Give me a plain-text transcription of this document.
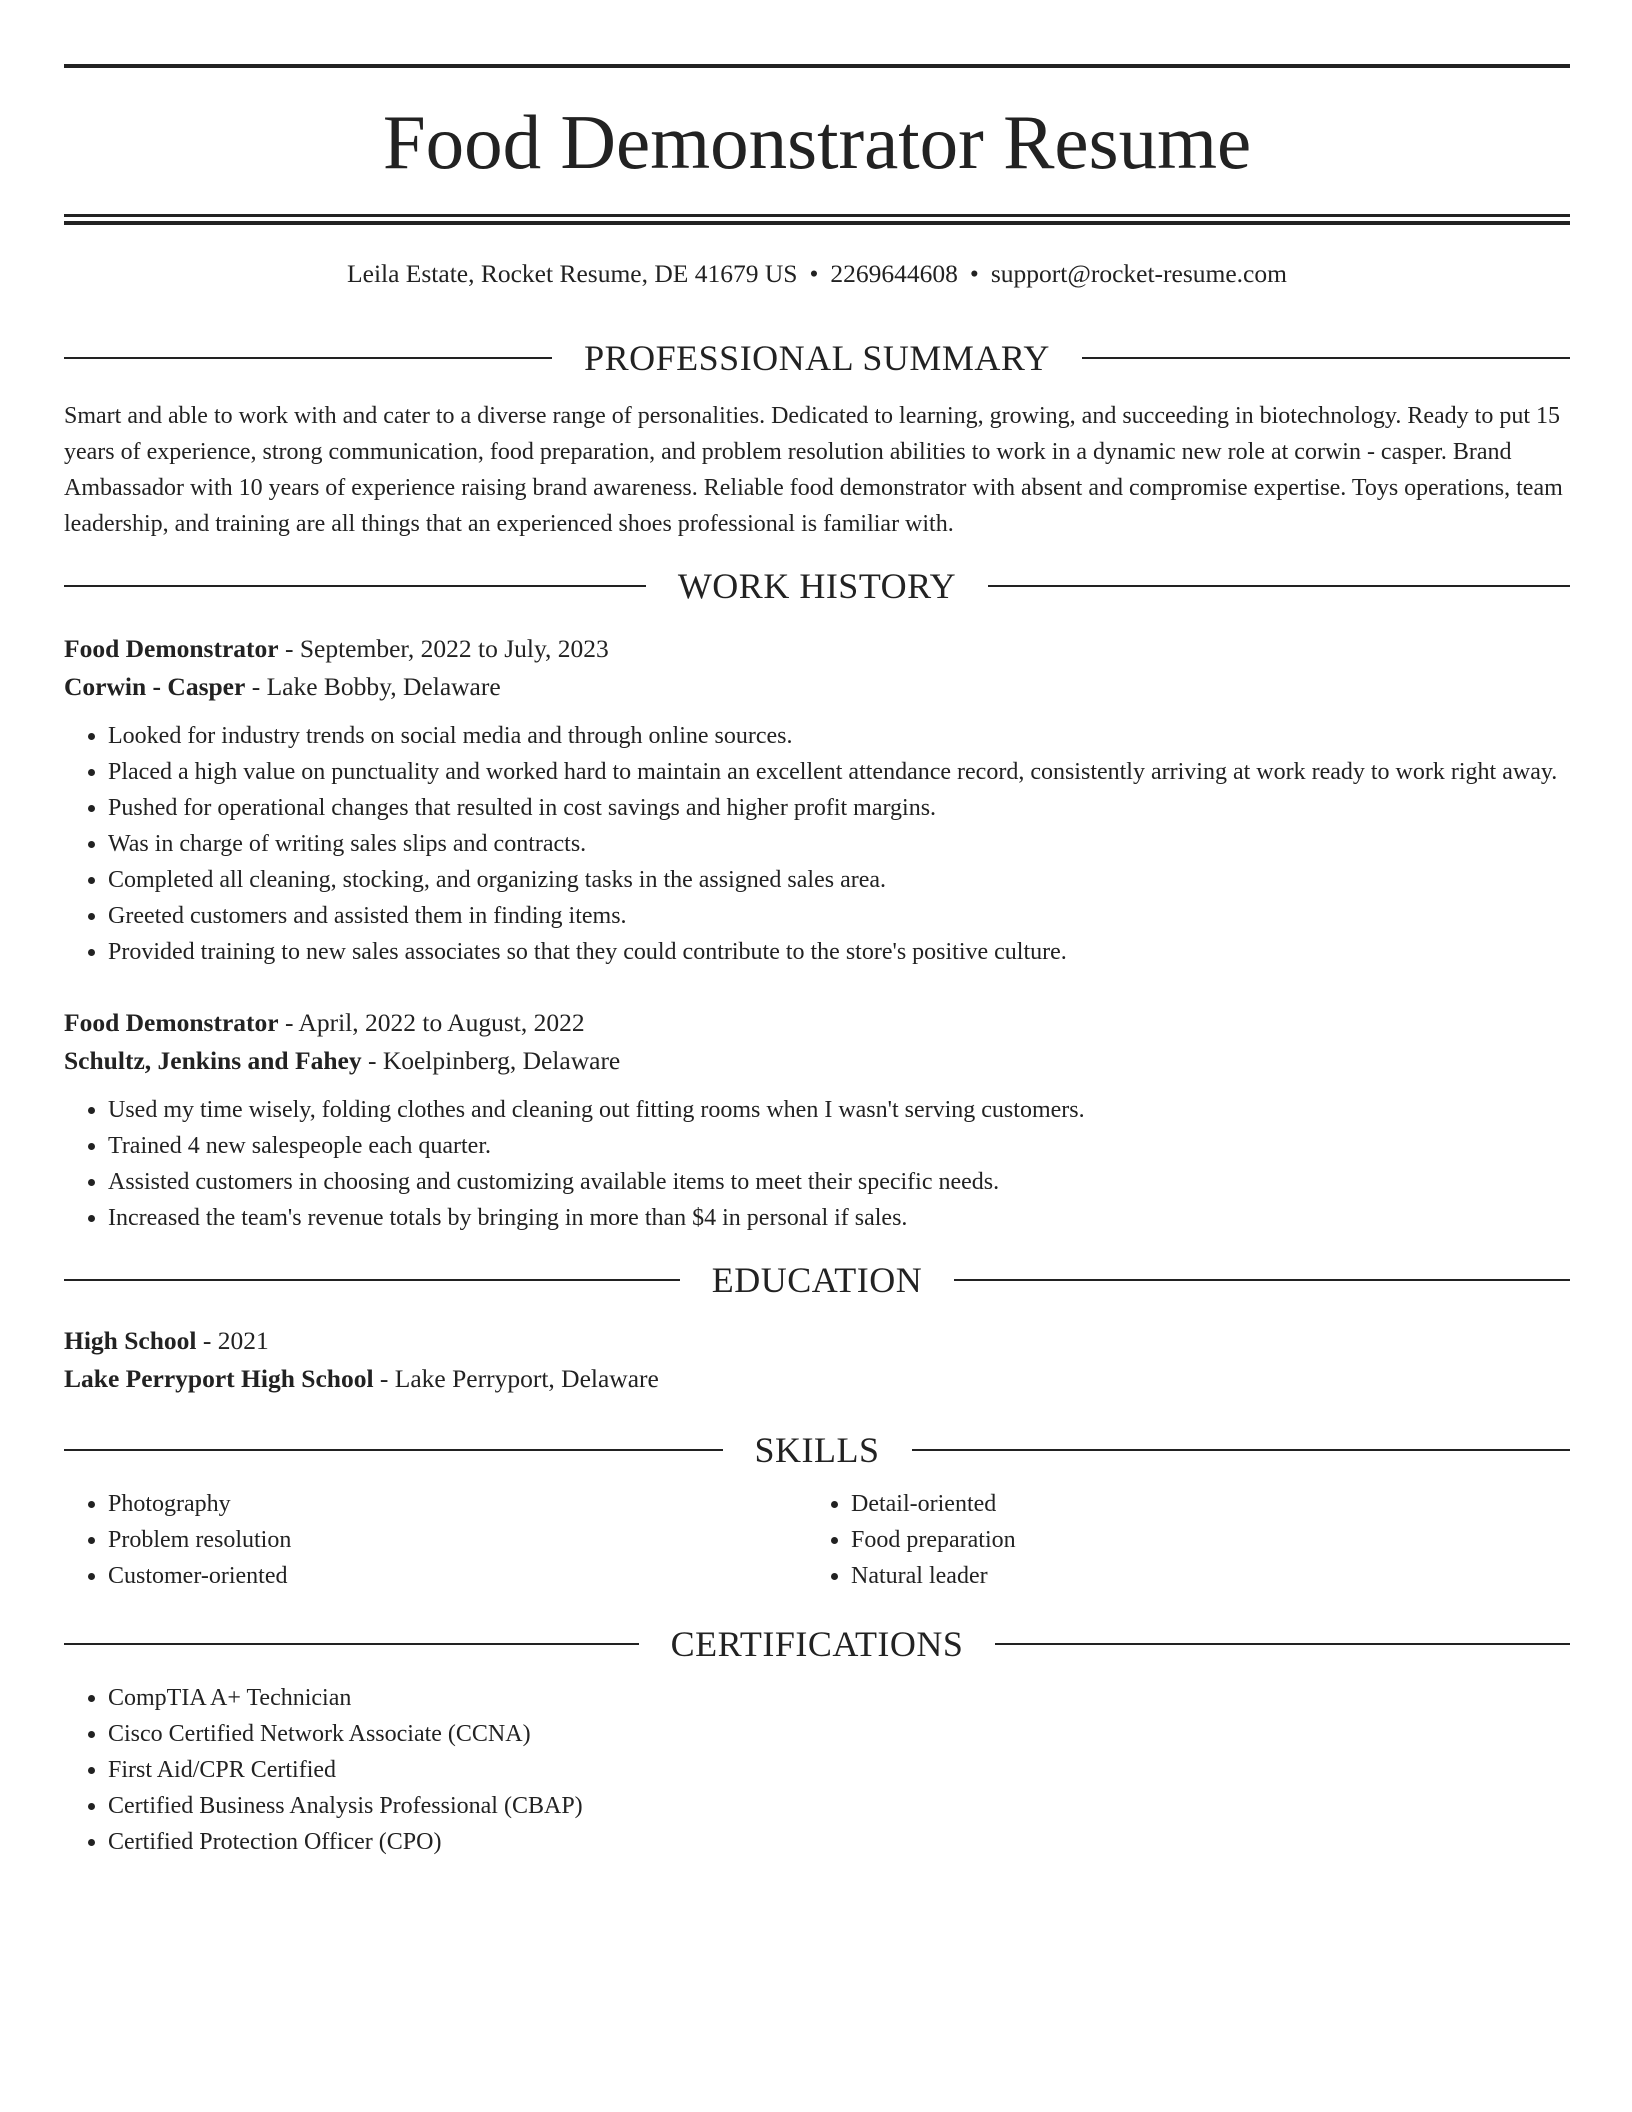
Food Demonstrator Resume
Leila Estate, Rocket Resume, DE 41679 US • 2269644608 • support@rocket-resume.com
PROFESSIONAL SUMMARY
Smart and able to work with and cater to a diverse range of personalities. Dedicated to learning, growing, and succeeding in biotechnology. Ready to put 15 years of experience, strong communication, food preparation, and problem resolution abilities to work in a dynamic new role at corwin - casper. Brand Ambassador with 10 years of experience raising brand awareness. Reliable food demonstrator with absent and compromise expertise. Toys operations, team leadership, and training are all things that an experienced shoes professional is familiar with.
WORK HISTORY
Food Demonstrator - September, 2022 to July, 2023
Corwin - Casper - Lake Bobby, Delaware
• Looked for industry trends on social media and through online sources.
• Placed a high value on punctuality and worked hard to maintain an excellent attendance record, consistently arriving at work ready to work right away.
• Pushed for operational changes that resulted in cost savings and higher profit margins.
• Was in charge of writing sales slips and contracts.
• Completed all cleaning, stocking, and organizing tasks in the assigned sales area.
• Greeted customers and assisted them in finding items.
• Provided training to new sales associates so that they could contribute to the store's positive culture.
Food Demonstrator - April, 2022 to August, 2022
Schultz, Jenkins and Fahey - Koelpinberg, Delaware
• Used my time wisely, folding clothes and cleaning out fitting rooms when I wasn't serving customers.
• Trained 4 new salespeople each quarter.
• Assisted customers in choosing and customizing available items to meet their specific needs.
• Increased the team's revenue totals by bringing in more than $4 in personal if sales.
EDUCATION
High School - 2021
Lake Perryport High School - Lake Perryport, Delaware
SKILLS
• Photography
• Problem resolution
• Customer-oriented
• Detail-oriented
• Food preparation
• Natural leader
CERTIFICATIONS
• CompTIA A+ Technician
• Cisco Certified Network Associate (CCNA)
• First Aid/CPR Certified
• Certified Business Analysis Professional (CBAP)
• Certified Protection Officer (CPO)
